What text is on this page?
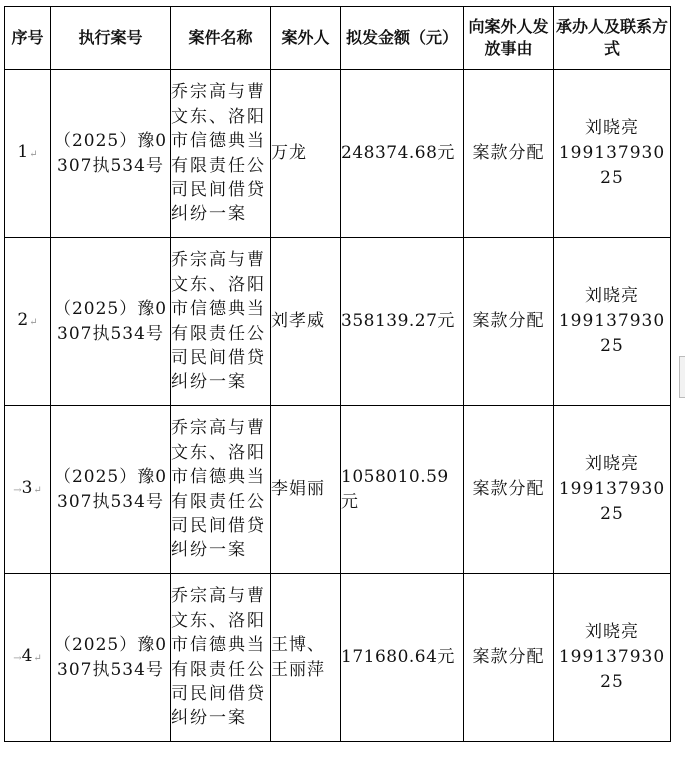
序号	执行案号	案件名称	案外人	拟发金额（元）	向案外人发放事由	承办人及联系方式
1↵	（2025）豫0307执534号	乔宗高与曹文东、洛阳市信德典当有限责任公司民间借贷纠纷一案	万龙	248374.68元	案款分配	刘晓亮
19913793025

2↵	（2025）豫0307执534号	乔宗高与曹文东、洛阳市信德典当有限责任公司民间借贷纠纷一案	刘孝威	358139.27元	案款分配	刘晓亮
19913793025

→3↵	（2025）豫0307执534号	乔宗高与曹文东、洛阳市信德典当有限责任公司民间借贷纠纷一案	李娟丽	1058010.59元	案款分配	刘晓亮
19913793025

→4↵	（2025）豫0307执534号	乔宗高与曹文东、洛阳市信德典当有限责任公司民间借贷纠纷一案	王博、王丽萍	171680.64元	案款分配	刘晓亮
19913793025
